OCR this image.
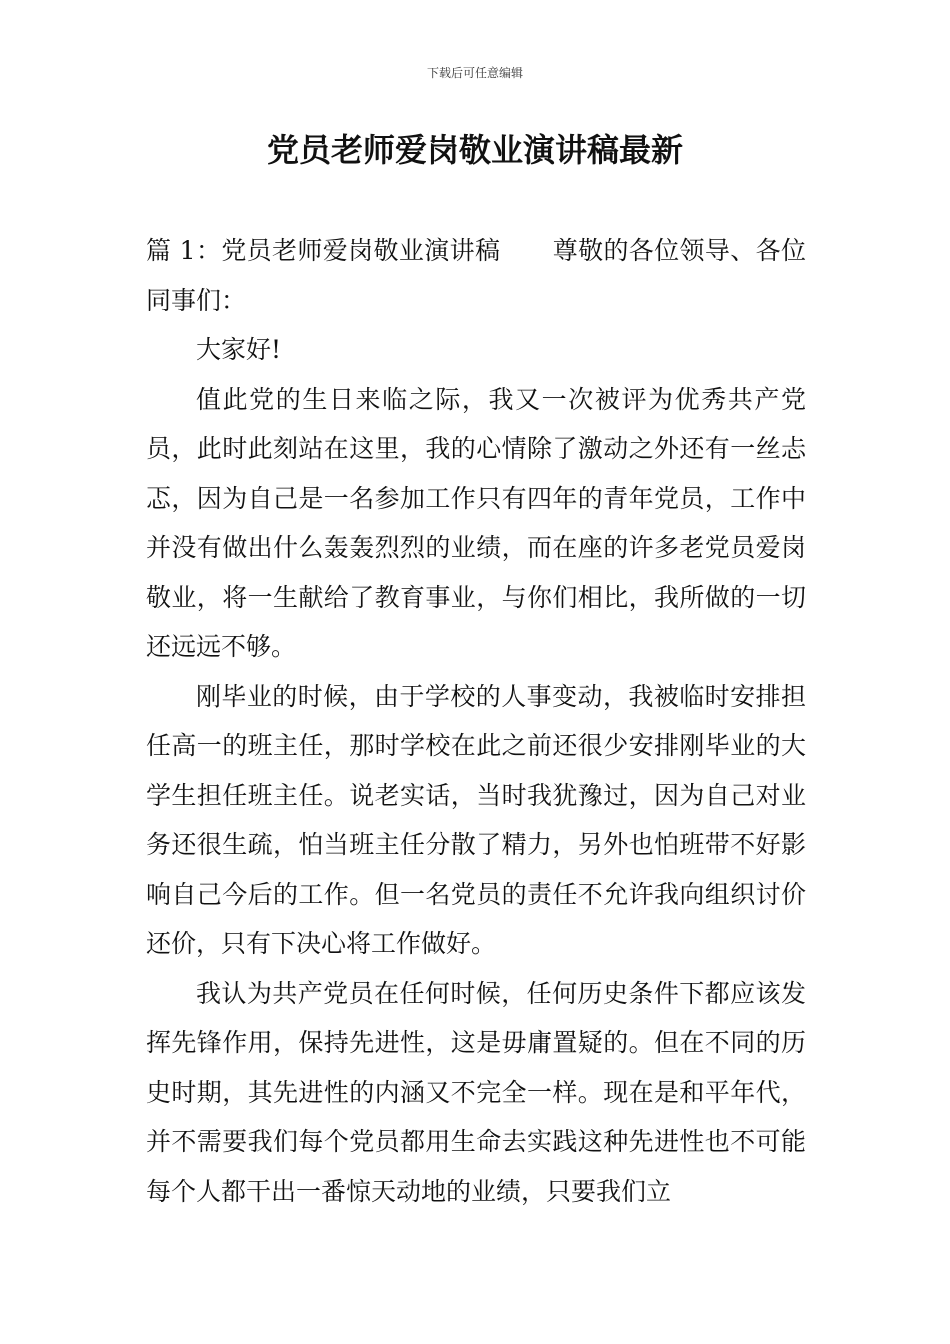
下载后可任意编辑
党员老师爱岗敬业演讲稿最新

篇 1：党员老师爱岗敬业演讲稿 尊敬的各位领导、各位同事们：

大家好!

值此党的生日来临之际，我又一次被评为优秀共产党员，此时此刻站在这里，我的心情除了激动之外还有一丝忐忑，因为自己是一名参加工作只有四年的青年党员，工作中并没有做出什么轰轰烈烈的业绩，而在座的许多老党员爱岗敬业，将一生献给了教育事业，与你们相比，我所做的一切还远远不够。

刚毕业的时候，由于学校的人事变动，我被临时安排担任高一的班主任，那时学校在此之前还很少安排刚毕业的大学生担任班主任。说老实话，当时我犹豫过，因为自己对业务还很生疏，怕当班主任分散了精力，另外也怕班带不好影响自己今后的工作。但一名党员的责任不允许我向组织讨价还价，只有下决心将工作做好。

我认为共产党员在任何时候，任何历史条件下都应该发挥先锋作用，保持先进性，这是毋庸置疑的。但在不同的历史时期，其先进性的内涵又不完全一样。现在是和平年代，并不需要我们每个党员都用生命去实践这种先进性也不可能每个人都干出一番惊天动地的业绩，只要我们立
